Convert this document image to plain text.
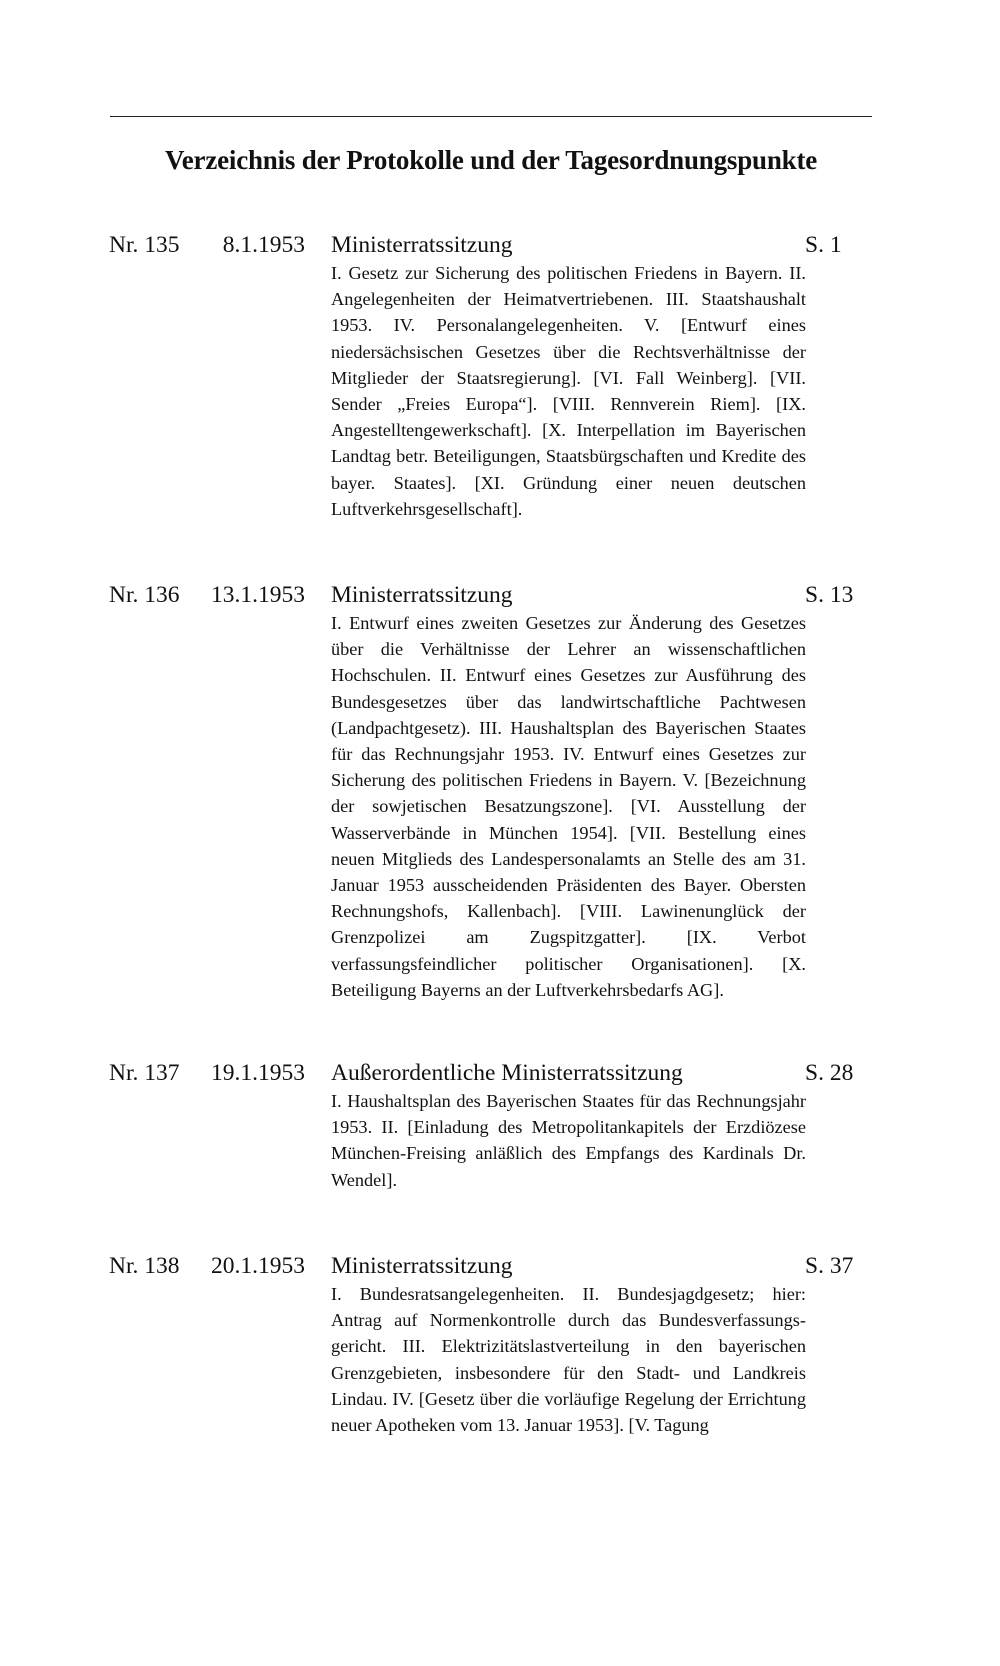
Verzeichnis der Protokolle und der Tagesordnungspunkte
Nr. 135 8.1.1953 Ministerratssitzung	S. 1

I. Gesetz zur Sicherung des politischen Friedens in Bayern. II. Angelegenheiten der Heimatvertriebenen. III. Staatshaushalt 1953. IV. Personalangelegenheiten. V. [Entwurf eines niedersächsischen Gesetzes über die Rechtsverhältnisse der Mitglieder der Staatsregierung]. [VI. Fall Weinberg]. [VII. Sender „Freies Europa“]. [VIII. Rennverein Riem]. [IX. Angestelltengewerkschaft]. [X. Interpellation im Bayerischen Landtag betr. Beteiligungen, Staatsbürgschaften und Kredite des bayer. Staates]. [XI. Gründung einer neuen deutschen Luftverkehrsgesellschaft].

Nr. 136 13.1.1953 Ministerratssitzung	S. 13

I. Entwurf eines zweiten Gesetzes zur Änderung des Gesetzes über die Verhältnisse der Lehrer an wissenschaftlichen Hochschulen. II. Entwurf eines Gesetzes zur Ausführung des Bundesgesetzes über das landwirtschaftliche Pachtwesen (Landpachtgesetz). III. Haushaltsplan des Bayerischen Staates für das Rechnungsjahr 1953. IV. Entwurf eines Gesetzes zur Sicherung des politischen Friedens in Bayern. V. [Bezeichnung der sowjetischen Besatzungszone]. [VI. Ausstellung der Wasserverbände in München 1954]. [VII. Bestellung eines neuen Mitglieds des Landespersonalamts an Stelle des am 31. Januar 1953 ausscheidenden Präsidenten des Bayer. Obersten Rechnungshofs, Kallenbach]. [VIII. Lawinenunglück der Grenzpolizei am Zugspitzgatter]. [IX. Verbot verfassungsfeindlicher politischer Organisationen]. [X. Beteiligung Bayerns an der Luftverkehrsbedarfs AG].

Nr. 137 19.1.1953 Außerordentliche Ministerratssitzung	S. 28

I. Haushaltsplan des Bayerischen Staates für das Rechnungsjahr 1953. II. [Einladung des Metropolitankapitels der Erzdiözese München-Freising anläßlich des Empfangs des Kardinals Dr. Wendel].

Nr. 138 20.1.1953 Ministerratssitzung	S. 37

I. Bundesratsangelegenheiten. II. Bundesjagdgesetz; hier: Antrag auf Normenkontrolle durch das Bundesverfassungsgericht. III. Elektrizitätslastverteilung in den bayerischen Grenzgebieten, insbesondere für den Stadt- und Landkreis Lindau. IV. [Gesetz über die vorläufige Regelung der Errichtung neuer Apotheken vom 13. Januar 1953]. [V. Tagung
